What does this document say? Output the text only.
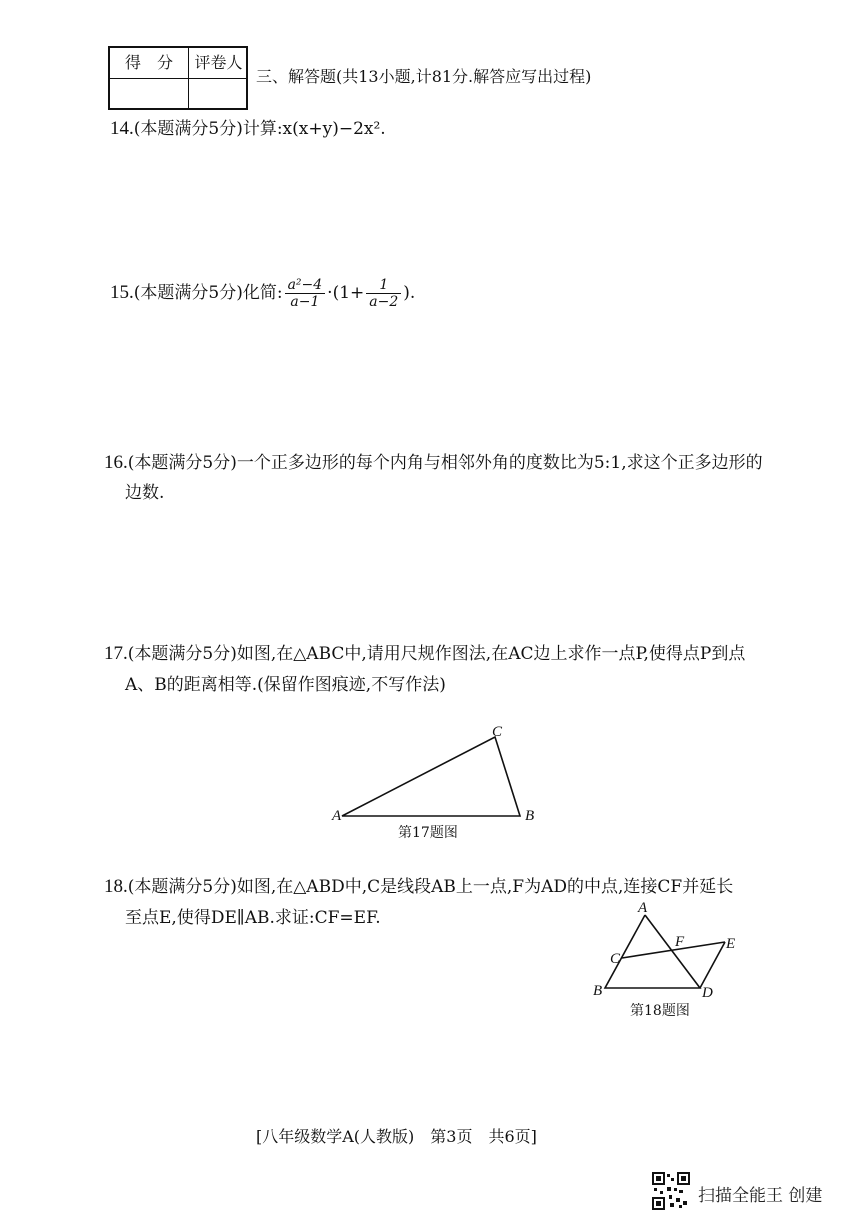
得　分	评卷人
三、解答题(共13小题,计81分.解答应写出过程)
14.(本题满分5分)计算:x(x+y)−2x².
15.(本题满分5分)化简: $\frac{\text{a²−4}}{a-1} \cdot(1+ \frac{1}{a-2}$ ).
16.(本题满分5分)一个正多边形的每个内角与相邻外角的度数比为5:1,求这个正多边形的
边数.
17.(本题满分5分)如图,在△ABC中,请用尺规作图法,在AC边上求作一点P,使得点P到点
A、B的距离相等.(保留作图痕迹,不写作法)
A	B
C
第17题图
18.(本题满分5分)如图,在△ABD中,C是线段AB上一点,F为AD的中点,连接CF并延长
至点E,使得DE∥AB.求证:CF=EF.	A
B
C
D
E
F
第18题图
[八年级数学A(人教版)　第3页　共6页]
扫描全能王 创建
